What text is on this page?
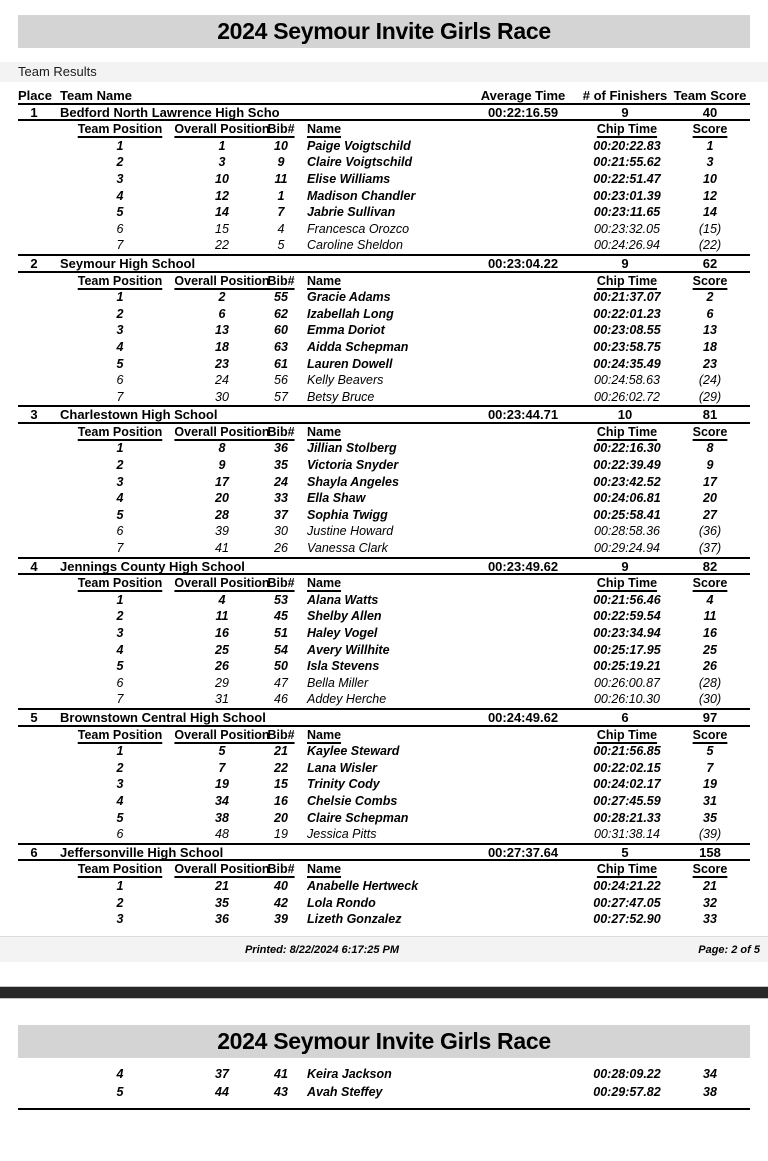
2024 Seymour Invite Girls Race
Team Results
Place Team Name	Average Time	# of Finishers Team Score
1	Bedford North Lawrence High Scho	00:22:16.59	9	40
Team Position Overall Position
Bib# Name	Chip Time	Score
1	1	10	Paige Voigtschild	00:20:22.83	1
2	3	9	Claire Voigtschild	00:21:55.62	3
3	10	11	Elise Williams	00:22:51.47	10
4	12	1	Madison Chandler	00:23:01.39	12
5	14	7	Jabrie Sullivan	00:23:11.65	14
6	15	4	Francesca Orozco	00:23:32.05	(15)
7	22	5	Caroline Sheldon	00:24:26.94	(22)
2	Seymour High School	00:23:04.22	9	62
Team Position Overall Position
Bib# Name	Chip Time	Score
1	2	55	Gracie Adams	00:21:37.07	2
2	6	62	Izabellah Long	00:22:01.23	6
3	13	60	Emma Doriot	00:23:08.55	13
4	18	63	Aidda Schepman	00:23:58.75	18
5	23	61	Lauren Dowell	00:24:35.49	23
6	24	56	Kelly Beavers	00:24:58.63	(24)
7	30	57	Betsy Bruce	00:26:02.72	(29)
3	Charlestown High School	00:23:44.71	10	81
Team Position Overall Position
Bib# Name	Chip Time	Score
1	8	36	Jillian Stolberg	00:22:16.30	8
2	9	35	Victoria Snyder	00:22:39.49	9
3	17	24	Shayla Angeles	00:23:42.52	17
4	20	33	Ella Shaw	00:24:06.81	20
5	28	37	Sophia Twigg	00:25:58.41	27
6	39	30	Justine Howard	00:28:58.36	(36)
7	41	26	Vanessa Clark	00:29:24.94	(37)
4	Jennings County High School	00:23:49.62	9	82
Team Position Overall Position
Bib# Name	Chip Time	Score
1	4	53	Alana Watts	00:21:56.46	4
2	11	45	Shelby Allen	00:22:59.54	11
3	16	51	Haley Vogel	00:23:34.94	16
4	25	54	Avery Willhite	00:25:17.95	25
5	26	50	Isla Stevens	00:25:19.21	26
6	29	47	Bella Miller	00:26:00.87	(28)
7	31	46	Addey Herche	00:26:10.30	(30)
5	Brownstown Central High School	00:24:49.62	6	97
Team Position Overall Position
Bib# Name	Chip Time	Score
1	5	21	Kaylee Steward	00:21:56.85	5
2	7	22	Lana Wisler	00:22:02.15	7
3	19	15	Trinity Cody	00:24:02.17	19
4	34	16	Chelsie Combs	00:27:45.59	31
5	38	20	Claire Schepman	00:28:21.33	35
6	48	19	Jessica Pitts	00:31:38.14	(39)
6	Jeffersonville High School	00:27:37.64	5	158
Team Position Overall Position
Bib# Name	Chip Time	Score
1	21	40	Anabelle Hertweck	00:24:21.22	21
2	35	42	Lola Rondo	00:27:47.05	32
3	36	39	Lizeth Gonzalez	00:27:52.90	33
Printed: 8/22/2024 6:17:25 PM	Page: 2 of 5
2024 Seymour Invite Girls Race
4	37	41	Keira Jackson	00:28:09.22	34
5	44	43	Avah Steffey	00:29:57.82	38
